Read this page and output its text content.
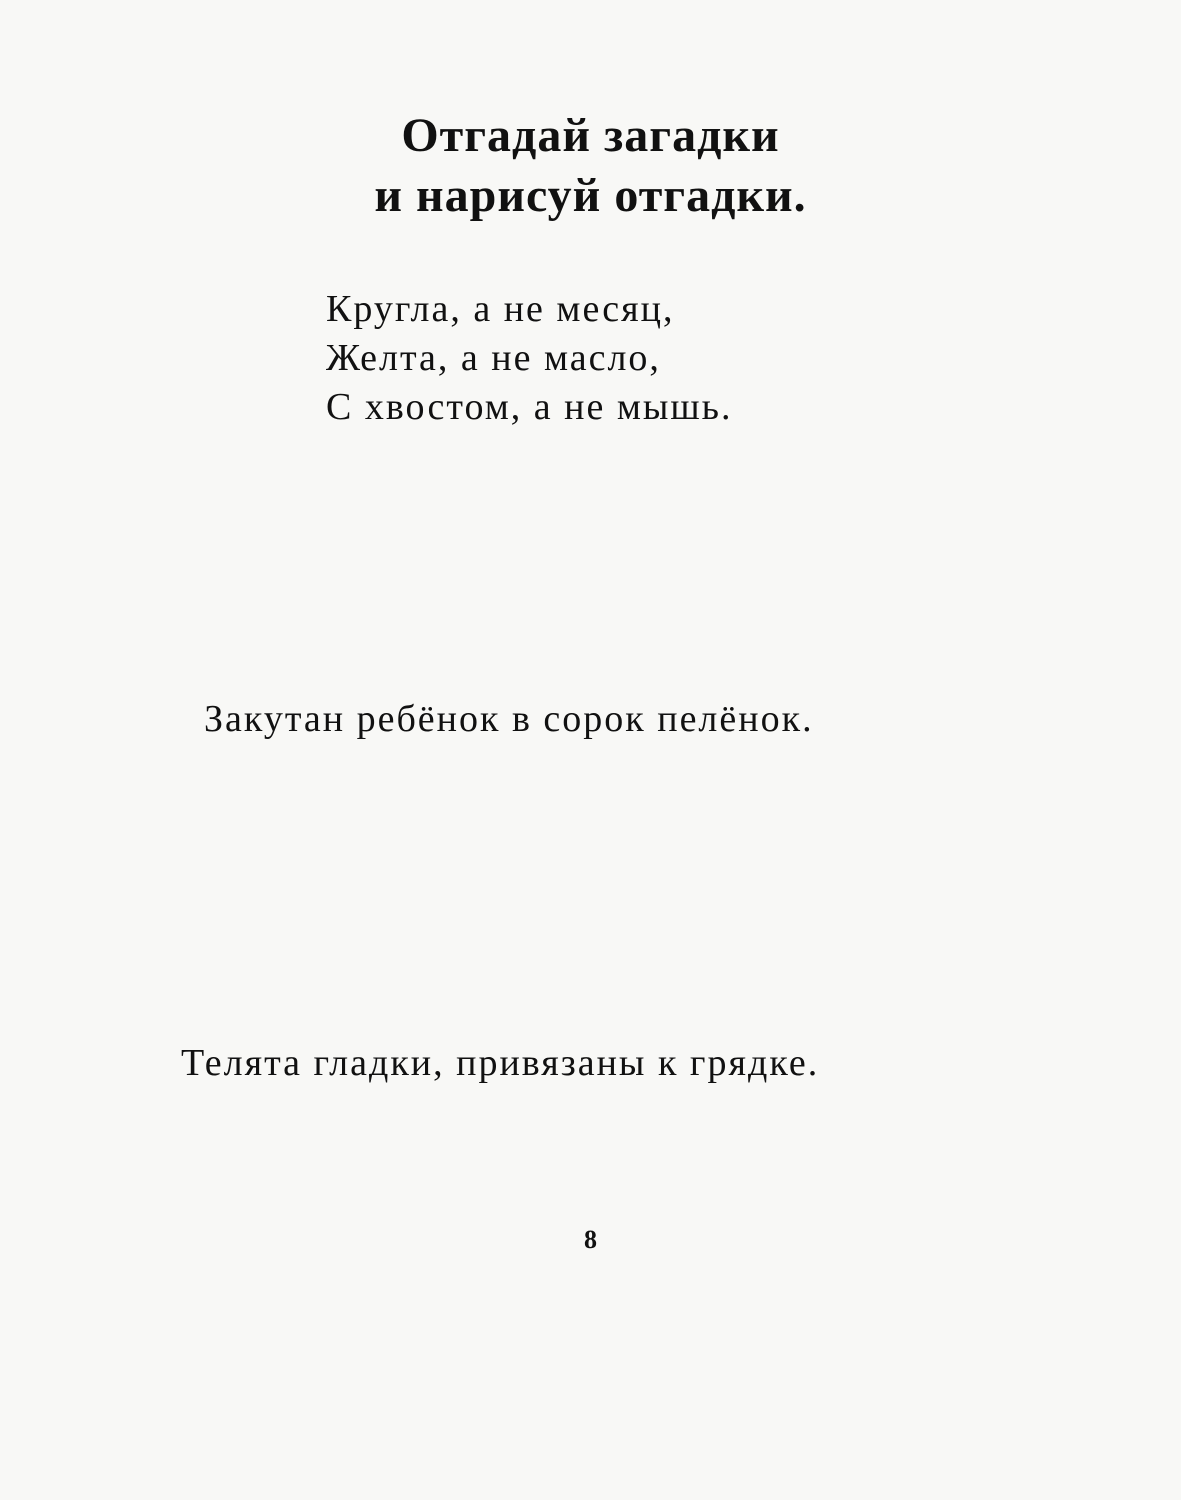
Отгадай загадки
и нарисуй отгадки.
Кругла, а не месяц,
Желта, а не масло,
С хвостом, а не мышь.
Закутан ребёнок в сорок пелёнок.
Телята гладки, привязаны к грядке.
8
